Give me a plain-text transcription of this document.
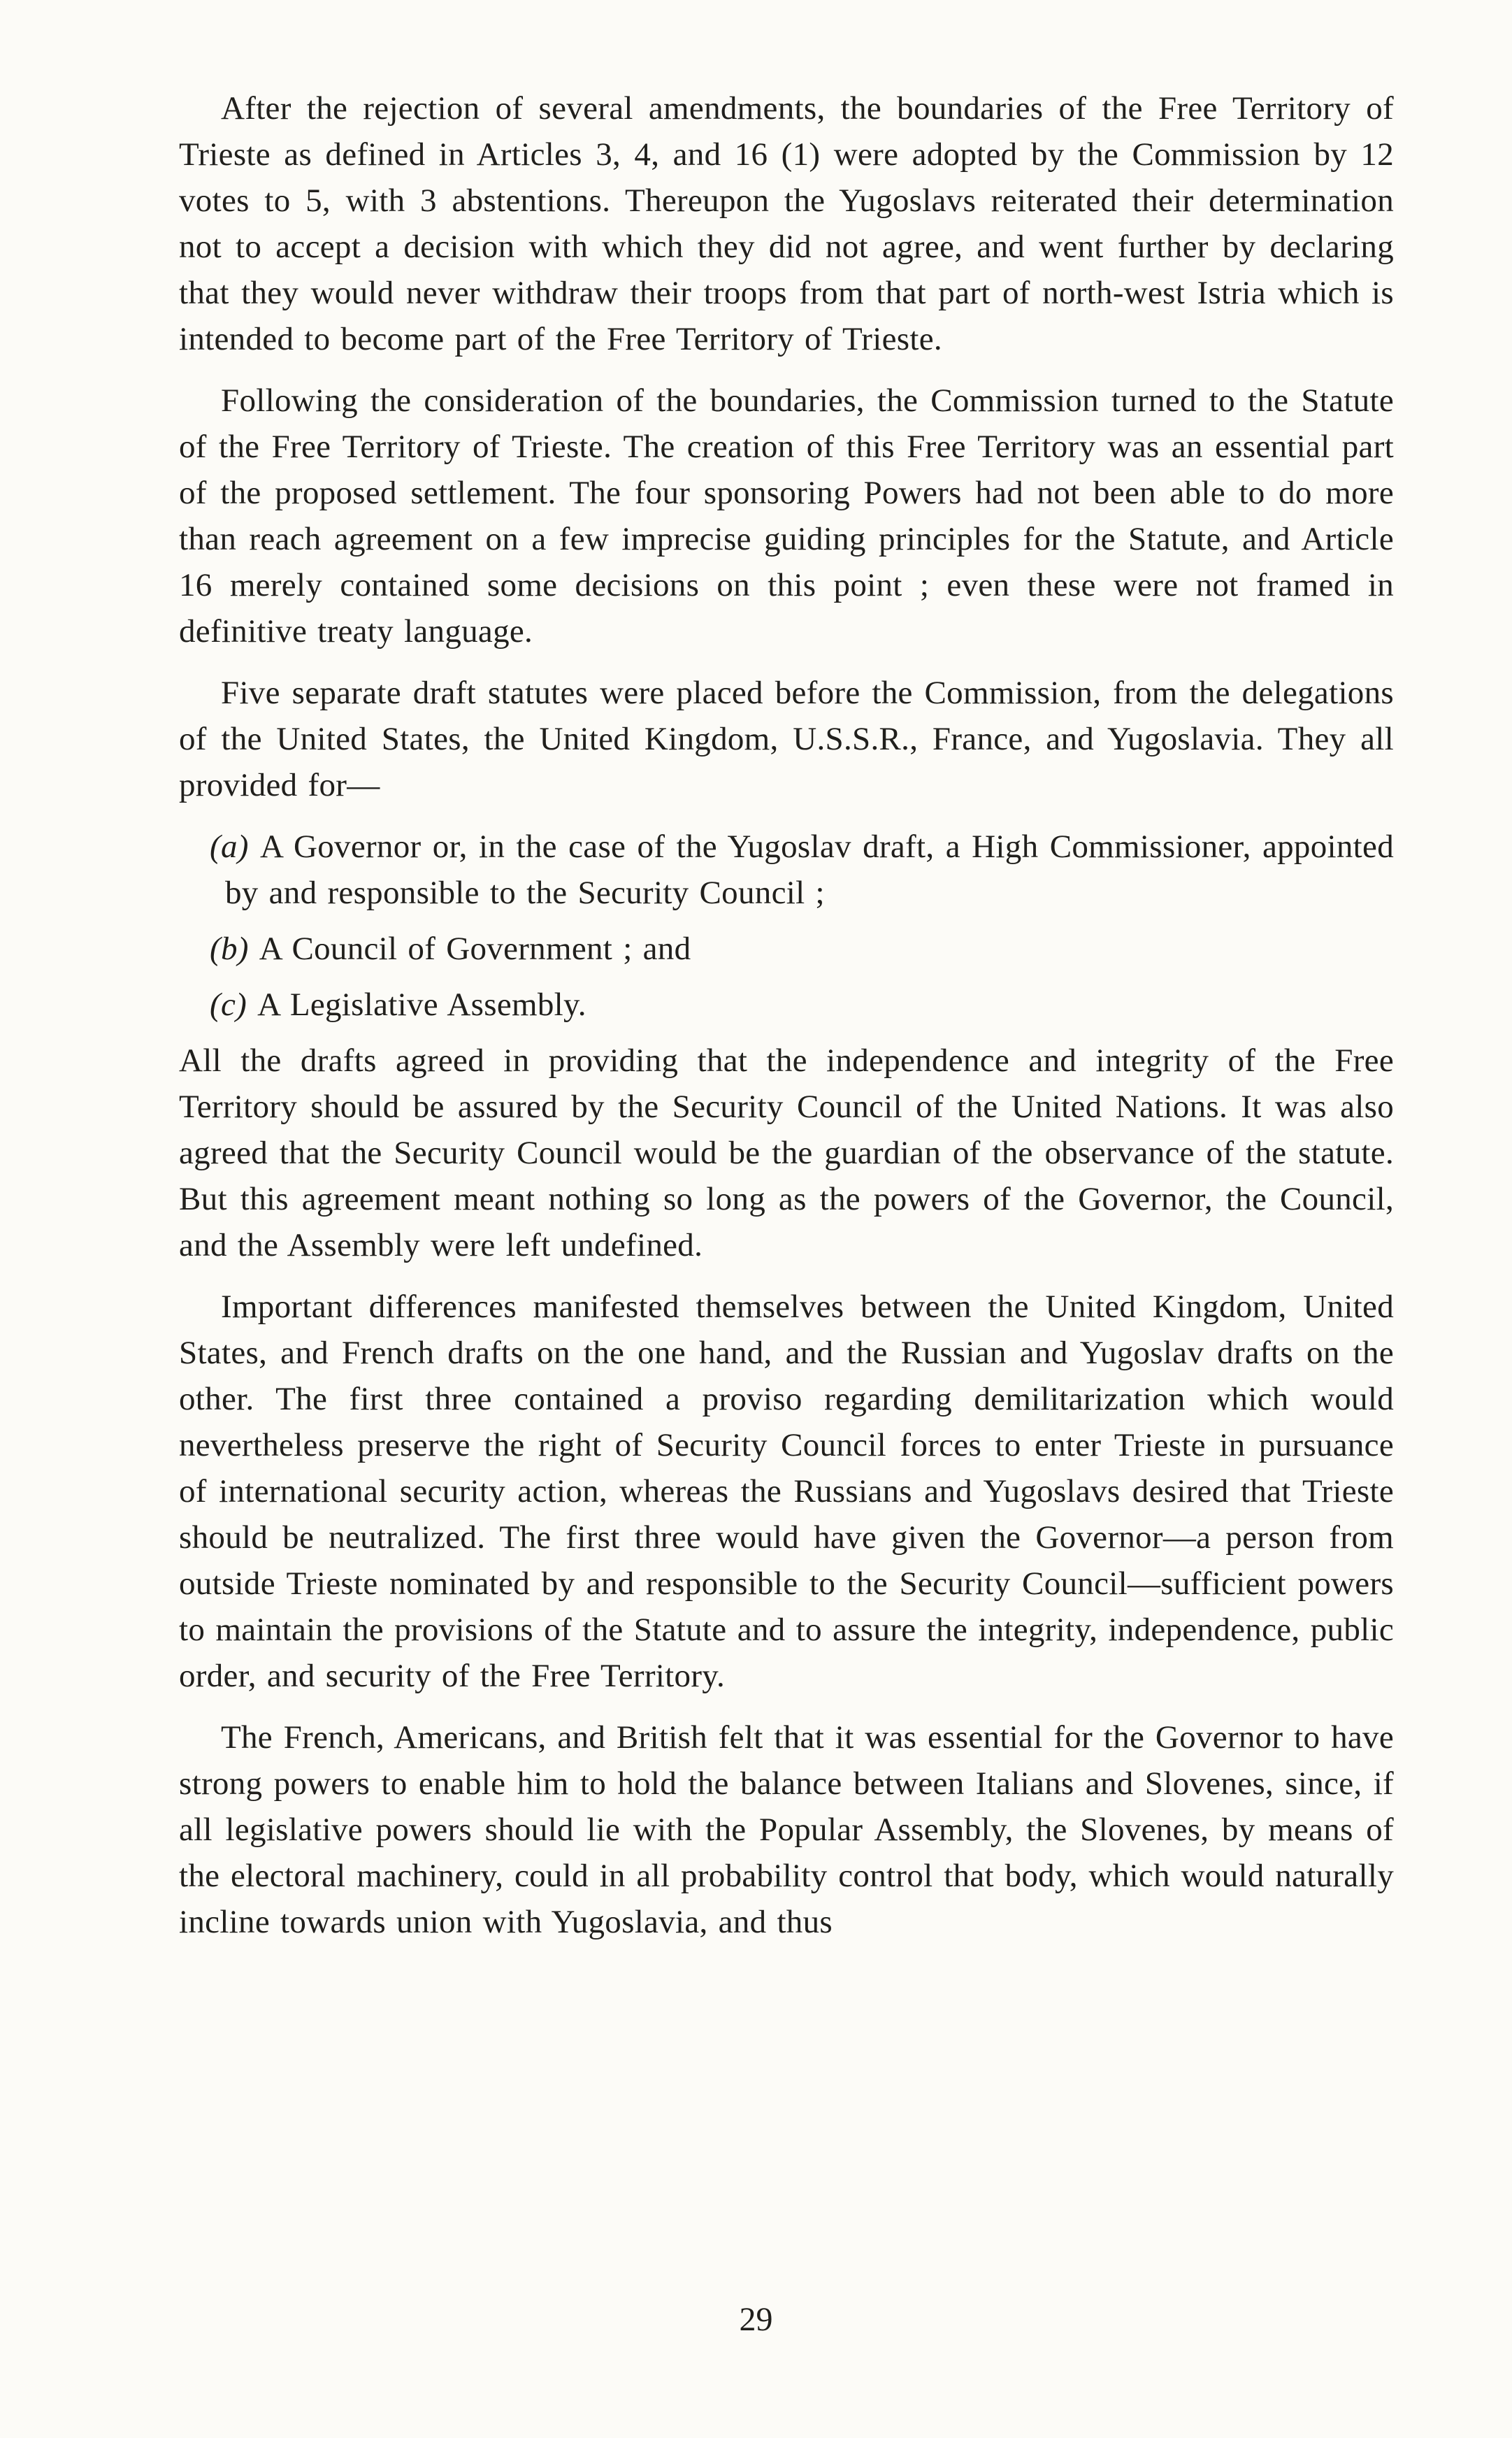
After the rejection of several amendments, the boundaries of the Free Territory of Trieste as defined in Articles 3, 4, and 16 (1) were adopted by the Commission by 12 votes to 5, with 3 abstentions. Thereupon the Yugoslavs reiterated their determination not to accept a decision with which they did not agree, and went further by declaring that they would never withdraw their troops from that part of north-west Istria which is intended to become part of the Free Territory of Trieste.

Following the consideration of the boundaries, the Commission turned to the Statute of the Free Territory of Trieste. The creation of this Free Territory was an essential part of the proposed settlement. The four sponsoring Powers had not been able to do more than reach agreement on a few imprecise guiding principles for the Statute, and Article 16 merely contained some decisions on this point ; even these were not framed in definitive treaty language.

Five separate draft statutes were placed before the Commission, from the delegations of the United States, the United Kingdom, U.S.S.R., France, and Yugoslavia. They all provided for—

(a) A Governor or, in the case of the Yugoslav draft, a High Commissioner, appointed by and responsible to the Security Council ;

(b) A Council of Government ; and

(c) A Legislative Assembly.

All the drafts agreed in providing that the independence and integrity of the Free Territory should be assured by the Security Council of the United Nations. It was also agreed that the Security Council would be the guardian of the observance of the statute. But this agreement meant nothing so long as the powers of the Governor, the Council, and the Assembly were left undefined.

Important differences manifested themselves between the United Kingdom, United States, and French drafts on the one hand, and the Russian and Yugoslav drafts on the other. The first three contained a proviso regarding demilitarization which would nevertheless preserve the right of Security Council forces to enter Trieste in pursuance of international security action, whereas the Russians and Yugoslavs desired that Trieste should be neutralized. The first three would have given the Governor—a person from outside Trieste nominated by and responsible to the Security Council—sufficient powers to maintain the provisions of the Statute and to assure the integrity, independence, public order, and security of the Free Territory.

The French, Americans, and British felt that it was essential for the Governor to have strong powers to enable him to hold the balance between Italians and Slovenes, since, if all legislative powers should lie with the Popular Assembly, the Slovenes, by means of the electoral machinery, could in all probability control that body, which would naturally incline towards union with Yugoslavia, and thus

29
